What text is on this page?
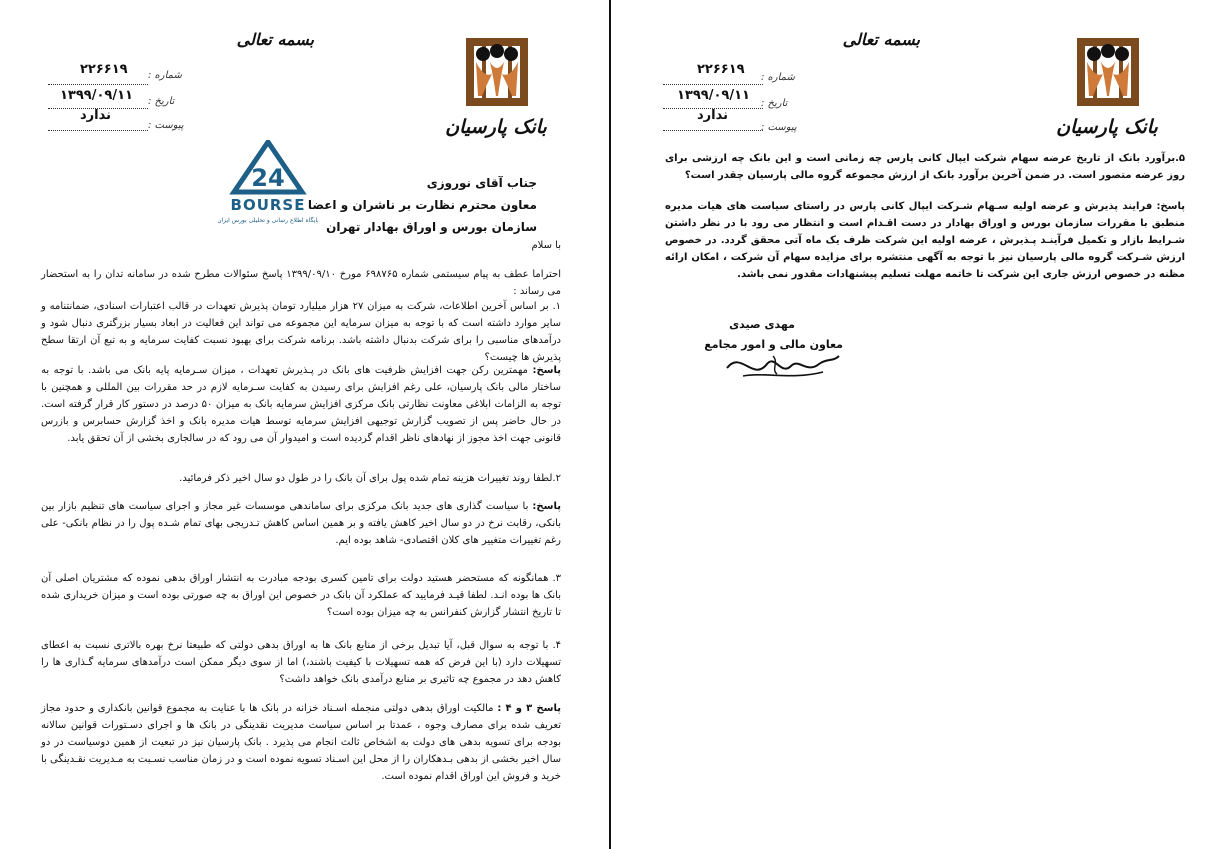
بسمه تعالی
بانک پارسیان
۲۲۶۶۱۹ شماره :
۱۳۹۹/۰۹/۱۱ تاریخ :
ندارد
پیوست :
جناب آقای نوروزی
معاون محترم نظارت بر ناشران و اعضا
سازمان بورس و اوراق بهادار تهران
24
BOURSE
پایگاه اطلاع رسانی و تحلیلی بورس ایران
با سلام
احتراما عطف به پیام سیستمی شماره ۶۹۸۷۶۵ مورخ ۱۳۹۹/۰۹/۱۰ پاسخ سئوالات مطرح شده در سامانه تدان را به استحضار می رساند :
۱. بر اساس آخرین اطلاعات، شرکت به میزان ۲۷ هزار میلیارد تومان پذیرش تعهدات در قالب اعتبارات اسنادی، ضمانتنامه و سایر موارد داشته است که با توجه به میزان سرمایه این مجموعه می تواند این فعالیت در ابعاد بسیار بزرگتری دنبال شود و درآمدهای مناسبی را برای شرکت بدنبال داشته باشد. برنامه شرکت برای بهبود نسبت کفایت سرمایه و به تبع آن ارتقا سطح پذیرش ها چیست؟
پاسخ: مهمترین رکن جهت افزایش ظرفیت های بانک در پـذیرش تعهدات ، میزان سـرمایه پایه بانک می باشد. با توجه به ساختار مالی بانک پارسیان، علی رغم افزایش برای رسیدن به کفایت سـرمایه لازم در حد مقررات بین المللی و همچنین با توجه به الزامات ابلاغی معاونت نظارتی بانک مرکزی افزایش سرمایه بانک به میزان ۵۰ درصد در دستور کار قرار گرفته است. در حال حاضر پس از تصویب گزارش توجیهی افزایش سرمایه توسط هیات مدیره بانک و اخذ گزارش حسابرس و بازرس قانونی جهت اخذ مجوز از نهادهای ناظر اقدام گردیده است و امیدوار آن می رود که در سالجاری بخشی از آن تحقق یابد.
۲.لطفا روند تغییرات هزینه تمام شده پول برای آن بانک را در طول دو سال اخیر ذکر فرمائید.
پاسخ: با سیاست گذاری های جدید بانک مرکزی برای ساماندهی موسسات غیر مجاز و اجرای سیاست های تنظیم بازار بین بانکی، رقابت نرخ در دو سال اخیر کاهش یافته و بر همین اساس کاهش تـدریجی بهای تمام شـده پول را در نظام بانکی- علی رغم تغییرات متغییر های کلان اقتصادی- شاهد بوده ایم.
۳. همانگونه که مستحضر هستید دولت برای تامین کسری بودجه مبادرت به انتشار اوراق بدهی نموده که مشتریان اصلی آن بانک ها بوده انـد. لطفا قیـد فرمایید که عملکرد آن بانک در خصوص این اوراق به چه صورتی بوده است و میزان خریداری شده تا تاریخ انتشار گزارش کنفرانس به چه میزان بوده است؟
۴. با توجه به سوال قبل، آیا تبدیل برخی از منابع بانک ها به اوراق بدهی دولتی که طبیعتا نرخ بهره بالاتری نسبت به اعطای تسهیلات دارد (با این فرض که همه تسهیلات با کیفیت باشند،) اما از سوی دیگر ممکن است درآمدهای سرمایه گـذاری ها را کاهش دهد در مجموع چه تاثیری بر منابع درآمدی بانک خواهد داشت؟
پاسخ ۳ و ۴ : مالکیت اوراق بدهی دولتی منجمله اسـناد خزانه در بانک ها با عنایت به مجموع قوانین بانکداری و حدود مجاز تعریف شده برای مصارف وجوه ، عمدتا بر اساس سیاست مدیریت نقدینگی در بانک ها و اجرای دسـتورات قوانین سالانه بودجه برای تسویه بدهی های دولت به اشخاص ثالث انجام می پذیرد . بانک پارسیان نیز در تبعیت از همین دوسیاست در دو سال اخیر بخشی از بدهی بـدهکاران را از محل این اسـناد تسویه نموده است و در زمان مناسب نسـبت به مـدیریت نقـدینگی با خرید و فروش این اوراق اقدام نموده است.
بسمه تعالی
بانک پارسیان
۲۲۶۶۱۹
شماره :
۱۳۹۹/۰۹/۱۱
تاریخ :
ندارد
پیوست :
۵.برآورد بانک از تاریخ عرضه سهام شرکت ایپال کانی پارس چه زمانی است و این بانک چه ارزشی برای روز عرضه متصور است. در ضمن آخرین برآورد بانک از ارزش مجموعه گروه مالی پارسیان چقدر است؟
پاسخ: فرایند پذیرش و عرضه اولیه سـهام شـرکت ایپال کانی پارس در راستای سیاست های هیات مدیره منطبق با مقررات سازمان بورس و اوراق بهادار در دست اقـدام است و انتظار می رود با در نظر داشتن شـرایط بازار و تکمیل فرآینـد پـذیرش ، عرضه اولیه این شرکت ظرف یک ماه آتی محقق گردد. در خصوص ارزش شـرکت گروه مالی پارسیان نیز با توجه به آگهی منتشره برای مزایده سهام آن شرکت ، امکان ارائه مظنه در خصوص ارزش جاری این شرکت تا خاتمه مهلت تسلیم پیشنهادات مقدور نمی باشد.
مهدی صیدی
معاون مالی و امور مجامع
